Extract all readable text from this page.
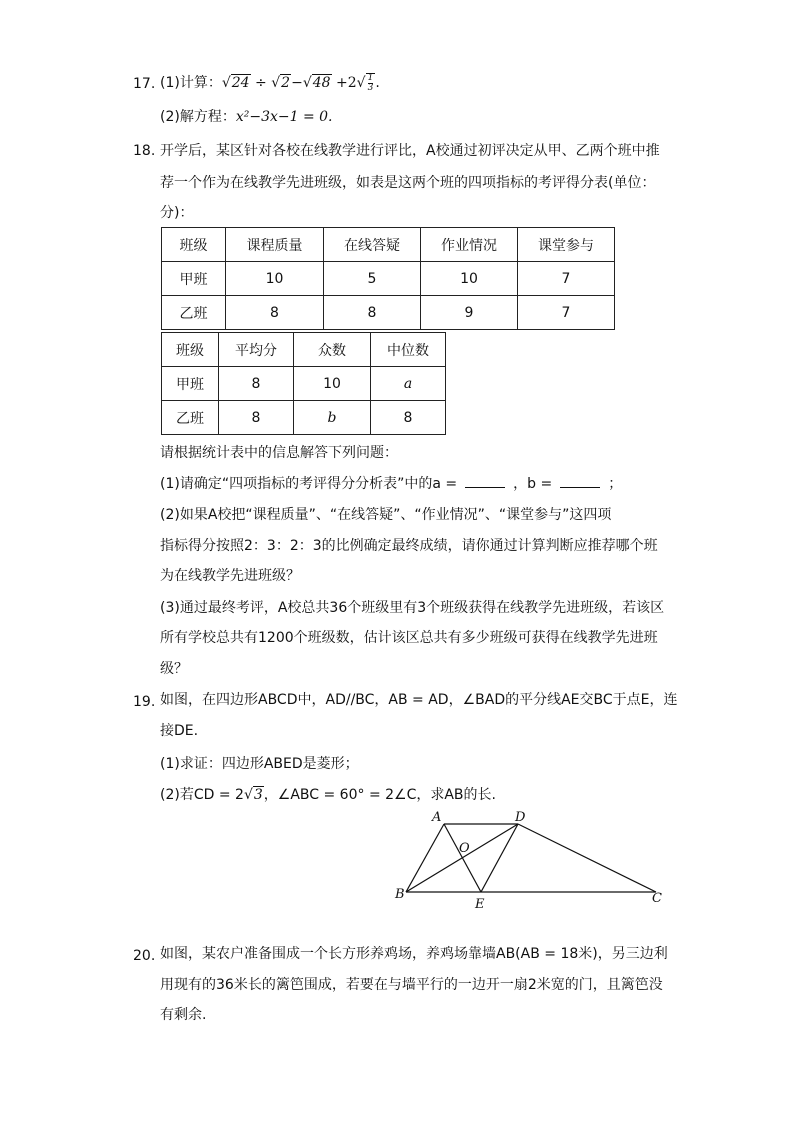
17. (1)计算：$√24 \div √2-√48 +2√ \frac{1}{3}$ .
(2)解方程：x²−3x−1 = 0.
18. 开学后，某区针对各校在线教学进行评比，A校通过初评决定从甲、乙两个班中推
荐一个作为在线教学先进班级，如表是这两个班的四项指标的考评得分表(单位：
分)：
班级	课程质量	在线答疑	作业情况	课堂参与
甲班	10	5	10	7
乙班	8	8	9	7
班级	平均分	众数	中位数
甲班	8	10	a
乙班	8	b	8
请根据统计表中的信息解答下列问题：
(1)请确定“四项指标的考评得分分析表”中的a =	，b =	；
(2)如果A校把“课程质量”、“在线答疑”、“作业情况”、“课堂参与”这四项
指标得分按照2：3：2：3的比例确定最终成绩，请你通过计算判断应推荐哪个班
为在线教学先进班级？
(3)通过最终考评，A校总共36个班级里有3个班级获得在线教学先进班级，若该区
所有学校总共有1200个班级数，估计该区总共有多少班级可获得在线教学先进班
级？
19. 如图，在四边形ABCD中，AD//BC，AB = AD，∠BAD的平分线AE交BC于点E，连
接DE.
(1)求证：四边形ABED是菱形；
(2)若CD = 2√3，∠ABC = 60° = 2∠C，求AB的长.
A	D
O
B
E	C
20. 如图，某农户准备围成一个长方形养鸡场，养鸡场靠墙AB(AB = 18米)，另三边利
用现有的36米长的篱笆围成，若要在与墙平行的一边开一扇2米宽的门，且篱笆没
有剩余.
